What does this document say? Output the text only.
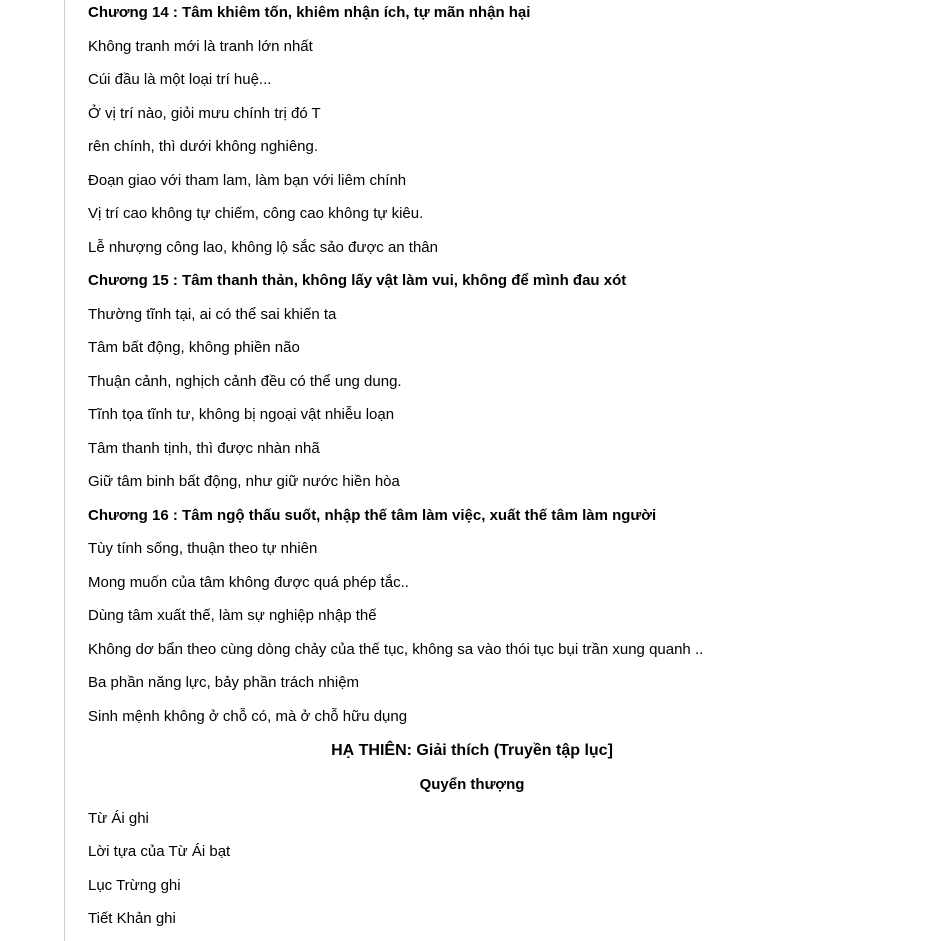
Chương 14 : Tâm khiêm tốn, khiêm nhận ích, tự mãn nhận hại
Không tranh mới là tranh lớn nhất
Cúi đầu là một loại trí huệ...
Ở vị trí nào, giỏi mưu chính trị đó T
rên chính, thì dưới không nghiêng.
Đoạn giao với tham lam, làm bạn với liêm chính
Vị trí cao không tự chiếm, công cao không tự kiêu.
Lễ nhượng công lao, không lộ sắc sảo được an thân
Chương 15 : Tâm thanh thản, không lấy vật làm vui, không để mình đau xót
Thường tĩnh tại, ai có thể sai khiến ta
Tâm bất động, không phiền não
Thuận cảnh, nghịch cảnh đều có thể ung dung.
Tĩnh tọa tĩnh tư, không bị ngoại vật nhiễu loạn
Tâm thanh tịnh, thì được nhàn nhã
Giữ tâm binh bất động, như giữ nước hiền hòa
Chương 16 : Tâm ngộ thấu suốt, nhập thế tâm làm việc, xuất thế tâm làm người
Tùy tính sống, thuận theo tự nhiên
Mong muốn của tâm không được quá phép tắc..
Dùng tâm xuất thế, làm sự nghiệp nhập thế
Không dơ bẩn theo cùng dòng chảy của thế tục, không sa vào thói tục bụi trần xung quanh ..
Ba phần năng lực, bảy phần trách nhiệm
Sinh mệnh không ở chỗ có, mà ở chỗ hữu dụng
HẠ THIÊN: Giải thích (Truyền tập lục]
Quyển thượng
Từ Ái ghi
Lời tựa của Từ Ái bạt
Lục Trừng ghi
Tiết Khản ghi
